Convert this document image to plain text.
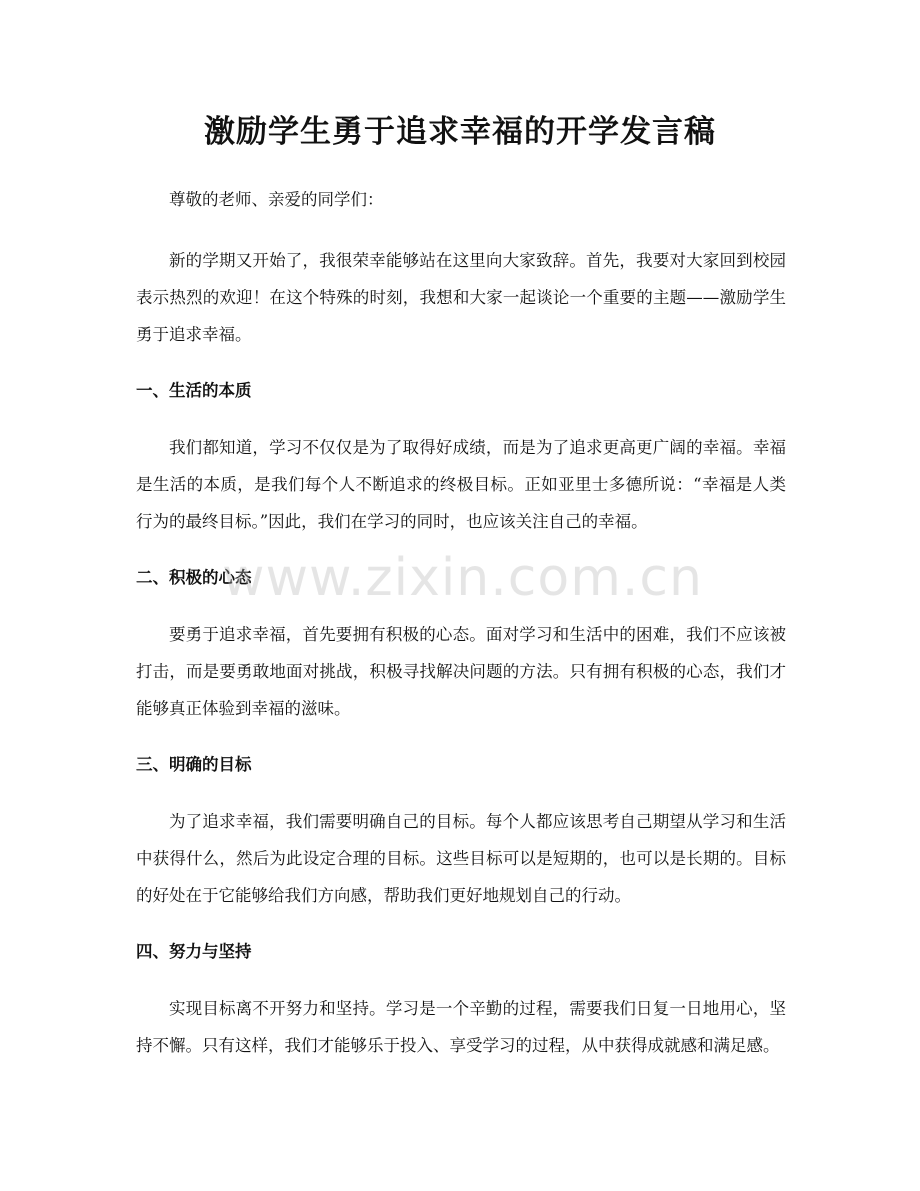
激励学生勇于追求幸福的开学发言稿

尊敬的老师、亲爱的同学们：

新的学期又开始了，我很荣幸能够站在这里向大家致辞。首先，我要对大家回到校园表示热烈的欢迎！在这个特殊的时刻，我想和大家一起谈论一个重要的主题——激励学生勇于追求幸福。

一、生活的本质

我们都知道，学习不仅仅是为了取得好成绩，而是为了追求更高更广阔的幸福。幸福是生活的本质，是我们每个人不断追求的终极目标。正如亚里士多德所说：“幸福是人类行为的最终目标。”因此，我们在学习的同时，也应该关注自己的幸福。

二、积极的心态

要勇于追求幸福，首先要拥有积极的心态。面对学习和生活中的困难，我们不应该被打击，而是要勇敢地面对挑战，积极寻找解决问题的方法。只有拥有积极的心态，我们才能够真正体验到幸福的滋味。

三、明确的目标

为了追求幸福，我们需要明确自己的目标。每个人都应该思考自己期望从学习和生活中获得什么，然后为此设定合理的目标。这些目标可以是短期的，也可以是长期的。目标的好处在于它能够给我们方向感，帮助我们更好地规划自己的行动。

四、努力与坚持

实现目标离不开努力和坚持。学习是一个辛勤的过程，需要我们日复一日地用心，坚持不懈。只有这样，我们才能够乐于投入、享受学习的过程，从中获得成就感和满足感。

www.zixin.com.cn
